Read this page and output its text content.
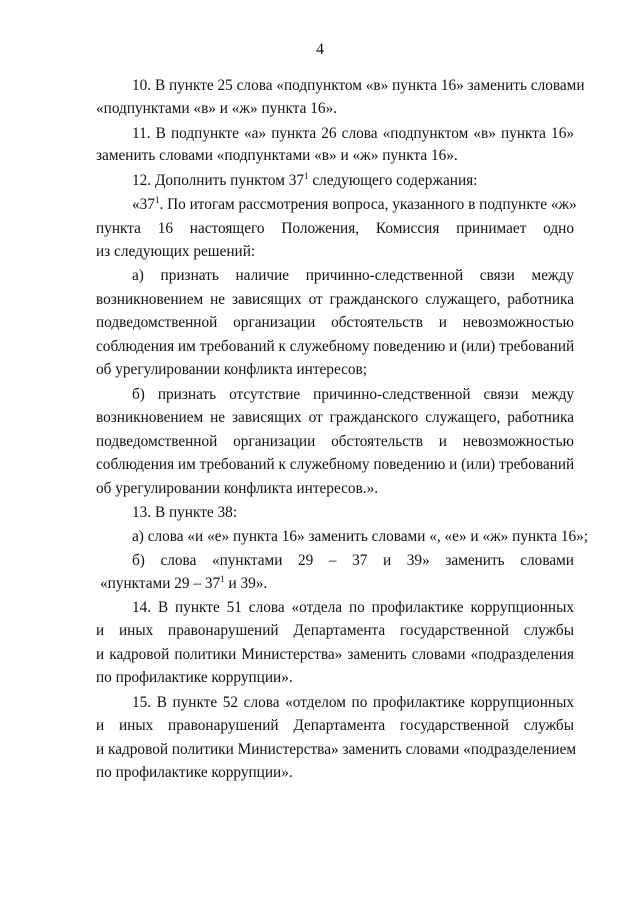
4
10. В пункте 25 слова «подпунктом «в» пункта 16» заменить словами
«подпунктами «в» и «ж» пункта 16».
11. В подпункте «а» пункта 26 слова «подпунктом «в» пункта 16»
заменить словами «подпунктами «в» и «ж» пункта 16».
12. Дополнить пунктом $37^1$ следующего содержания:
«$37^1$. По итогам рассмотрения вопроса, указанного в подпункте «ж»
пункта 16 настоящего Положения, Комиссия принимает одно
из следующих решений:
а) признать наличие причинно-следственной связи между
возникновением не зависящих от гражданского служащего, работника
подведомственной организации обстоятельств и невозможностью
соблюдения им требований к служебному поведению и (или) требований
об урегулировании конфликта интересов;
б) признать отсутствие причинно-следственной связи между
возникновением не зависящих от гражданского служащего, работника
подведомственной организации обстоятельств и невозможностью
соблюдения им требований к служебному поведению и (или) требований
об урегулировании конфликта интересов.».
13. В пункте 38:
а) слова «и «е» пункта 16» заменить словами «, «е» и «ж» пункта 16»;
б) слова «пунктами 29 – 37 и 39» заменить словами
«пунктами $29 - 37^1$ и 39».
14. В пункте 51 слова «отдела по профилактике коррупционных
и иных правонарушений Департамента государственной службы
и кадровой политики Министерства» заменить словами «подразделения
по профилактике коррупции».
15. В пункте 52 слова «отделом по профилактике коррупционных
и иных правонарушений Департамента государственной службы
и кадровой политики Министерства» заменить словами «подразделением
по профилактике коррупции».
